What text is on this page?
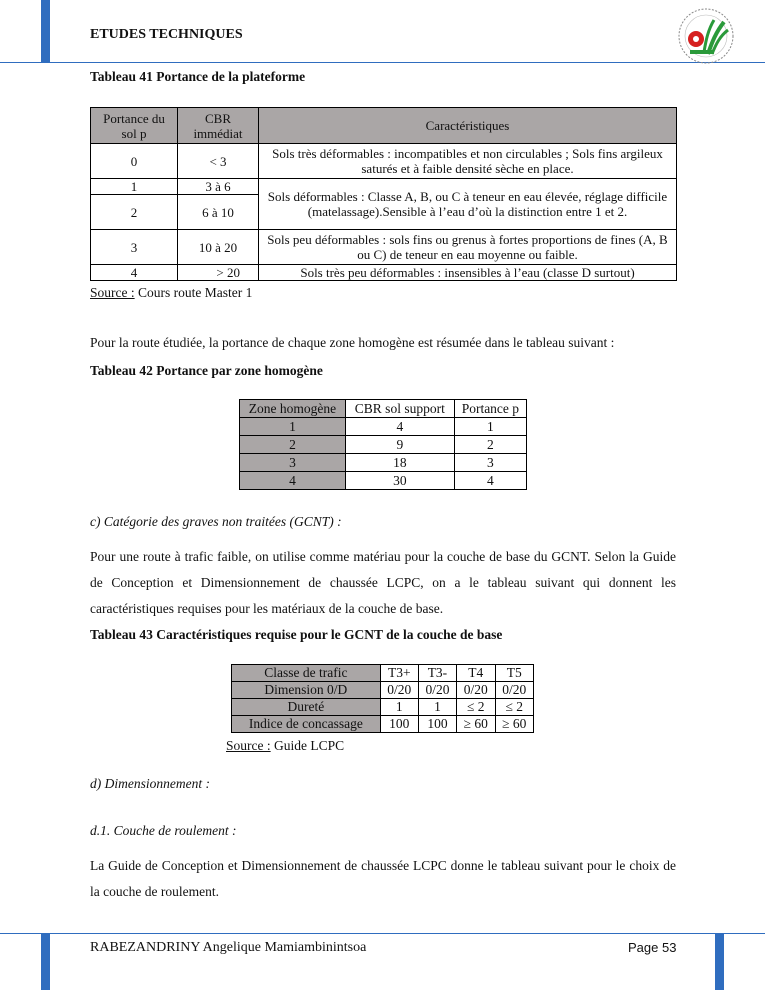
ETUDES TECHNIQUES
Tableau 41 Portance de la plateforme
Portance du sol p	CBR immédiat	Caractéristiques
0	< 3	Sols très déformables : incompatibles et non circulables ; Sols fins argileux saturés et à faible densité sèche en place.
1	3 à 6	Sols déformables : Classe A, B, ou C à teneur en eau élevée, réglage difficile (matelassage).Sensible à l’eau d’où la distinction entre 1 et 2.
2	6 à 10	
3	10 à 20	Sols peu déformables : sols fins ou grenus à fortes proportions de fines (A, B ou C) de teneur en eau moyenne ou faible.
4	> 20	Sols très peu déformables : insensibles à l’eau (classe D surtout)
Source : Cours route Master 1
Pour la route étudiée, la portance de chaque zone homogène est résumée dans le tableau suivant :
Tableau 42 Portance par zone homogène
Zone homogène	CBR sol support	Portance p
1	4	1
2	9	2
3	18	3
4	30	4
c) Catégorie des graves non traitées (GCNT) :
Pour une route à trafic faible, on utilise comme matériau pour la couche de base du GCNT. Selon la Guide de Conception et Dimensionnement de chaussée LCPC, on a le tableau suivant qui donnent les caractéristiques requises pour les matériaux de la couche de base.
Tableau 43 Caractéristiques requise pour le GCNT de la couche de base
Classe de trafic	T3+	T3-	T4	T5
Dimension 0/D	0/20	0/20	0/20	0/20
Dureté	1	1	≤ 2	≤ 2
Indice de concassage	100	100	≥ 60	≥ 60
Source : Guide LCPC
d) Dimensionnement :
d.1. Couche de roulement :
La Guide de Conception et Dimensionnement de chaussée LCPC donne le tableau suivant pour le choix de la couche de roulement.
RABEZANDRINY Angelique Mamiambinintsoa	Page 53
